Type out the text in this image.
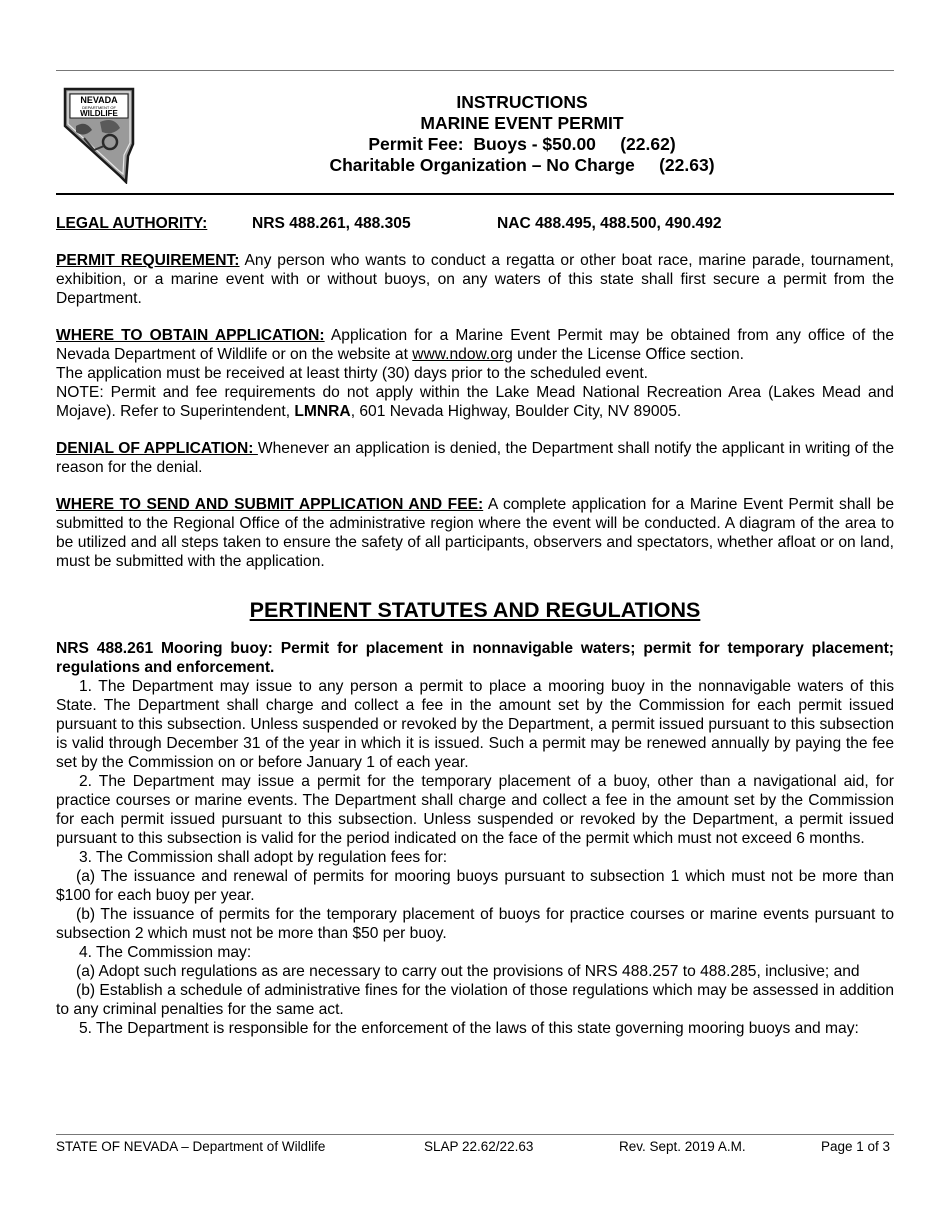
NEVADA
DEPARTMENT OF
WILDLIFE
INSTRUCTIONS
MARINE EVENT PERMIT
Permit Fee:  Buoys - $50.00     (22.62)
Charitable Organization – No Charge     (22.63)

LEGAL AUTHORITY:	NRS 488.261, 488.305	NAC 488.495, 488.500, 490.492

PERMIT REQUIREMENT: Any person who wants to conduct a regatta or other boat race, marine parade, tournament, exhibition, or a marine event with or without buoys, on any waters of this state shall first secure a permit from the Department.

WHERE TO OBTAIN APPLICATION: Application for a Marine Event Permit may be obtained from any office of the Nevada Department of Wildlife or on the website at www.ndow.org under the License Office section.

The application must be received at least thirty (30) days prior to the scheduled event.

NOTE: Permit and fee requirements do not apply within the Lake Mead National Recreation Area (Lakes Mead and Mojave). Refer to Superintendent, LMNRA, 601 Nevada Highway, Boulder City, NV 89005.

DENIAL OF APPLICATION: Whenever an application is denied, the Department shall notify the applicant in writing of the reason for the denial.

WHERE TO SEND AND SUBMIT APPLICATION AND FEE: A complete application for a Marine Event Permit shall be submitted to the Regional Office of the administrative region where the event will be conducted. A diagram of the area to be utilized and all steps taken to ensure the safety of all participants, observers and spectators, whether afloat or on land, must be submitted with the application.

PERTINENT STATUTES AND REGULATIONS

NRS 488.261 Mooring buoy: Permit for placement in nonnavigable waters; permit for temporary placement; regulations and enforcement.

1. The Department may issue to any person a permit to place a mooring buoy in the nonnavigable waters of this State. The Department shall charge and collect a fee in the amount set by the Commission for each permit issued pursuant to this subsection. Unless suspended or revoked by the Department, a permit issued pursuant to this subsection is valid through December 31 of the year in which it is issued. Such a permit may be renewed annually by paying the fee set by the Commission on or before January 1 of each year.

2. The Department may issue a permit for the temporary placement of a buoy, other than a navigational aid, for practice courses or marine events. The Department shall charge and collect a fee in the amount set by the Commission for each permit issued pursuant to this subsection. Unless suspended or revoked by the Department, a permit issued pursuant to this subsection is valid for the period indicated on the face of the permit which must not exceed 6 months.

3. The Commission shall adopt by regulation fees for:

(a) The issuance and renewal of permits for mooring buoys pursuant to subsection 1 which must not be more than $100 for each buoy per year.

(b) The issuance of permits for the temporary placement of buoys for practice courses or marine events pursuant to subsection 2 which must not be more than $50 per buoy.

4. The Commission may:

(a) Adopt such regulations as are necessary to carry out the provisions of NRS 488.257 to 488.285, inclusive; and

(b) Establish a schedule of administrative fines for the violation of those regulations which may be assessed in addition to any criminal penalties for the same act.

5. The Department is responsible for the enforcement of the laws of this state governing mooring buoys and may:

STATE OF NEVADA – Department of Wildlife	SLAP 22.62/22.63	Rev. Sept. 2019 A.M.	Page 1 of 3
